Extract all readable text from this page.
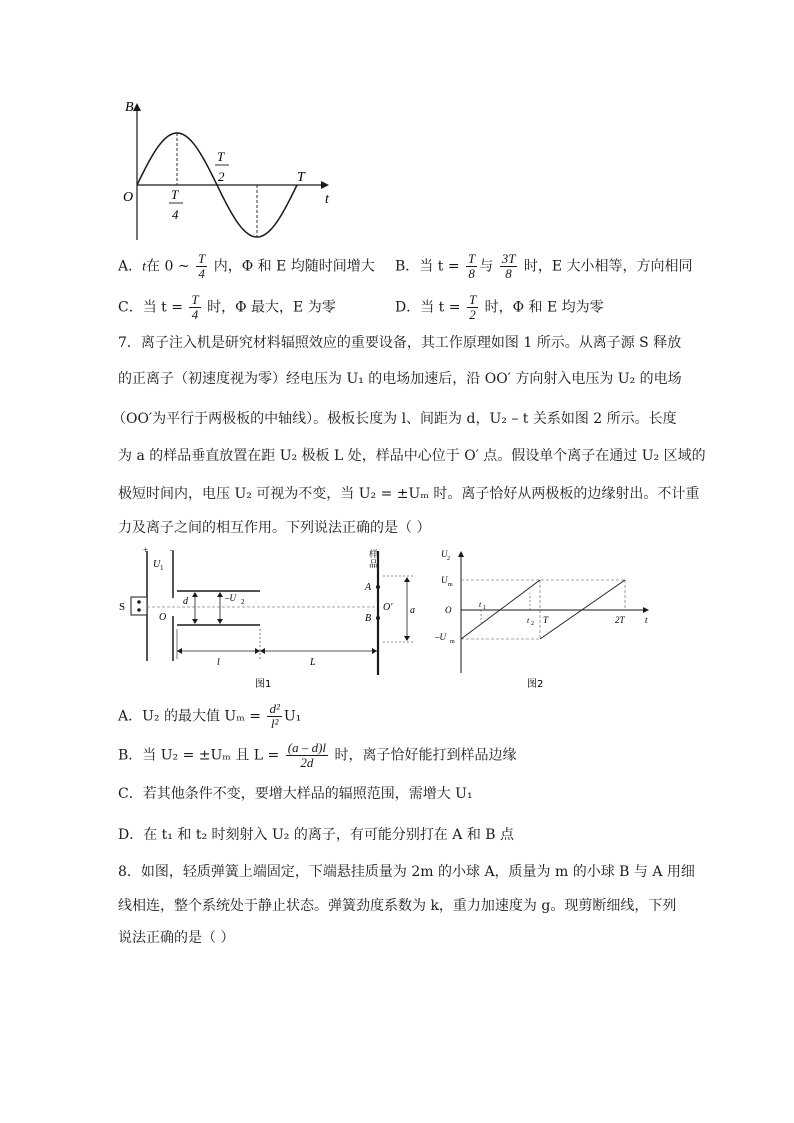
B
t
O
T
T
4
T
2
A．t在 0 ~ $\frac{T}{4}$ 内，Φ 和 E 均随时间增大 B．当 $t = \frac{T}{8}$ 与 $\frac{3T}{8}$ 时，E 大小相等，方向相同
C．当 $t = \frac{T}{4}$ 时，Φ 最大，E 为零	D．当 $t = \frac{T}{2}$ 时，Φ 和 E 均为零
7．离子注入机是研究材料辐照效应的重要设备，其工作原理如图 1 所示。从离子源 S 释放
的正离子（初速度视为零）经电压为 U₁ 的电场加速后，沿 OO′ 方向射入电压为 U₂ 的电场
（OO′为平行于两极板的中轴线）。极板长度为 l、间距为 d，U₂ – t 关系如图 2 所示。长度
为 a 的样品垂直放置在距 U₂ 极板 L 处，样品中心位于 O′ 点。假设单个离子在通过 U₂ 区域的
极短时间内，电压 U₂ 可视为不变，当 U₂ = ±Uₘ 时。离子恰好从两极板的边缘射出。不计重
力及离子之间的相互作用。下列说法正确的是（ ）
+ –
U 1
S	d	–U 2
O
样
品
A
B
O′ a
l	L
图1
U 2
U m
O
–U m
t 1
t 2 T	2T t
图2
A．U₂ 的最大值 $U_m = \frac{\text{d²}}{\text{l²}} U_1$
B．当 U₂ = ±Uₘ 且 $L = \frac{(a - d)l}{2d}$ 时，离子恰好能打到样品边缘
C．若其他条件不变，要增大样品的辐照范围，需增大 U₁
D．在 t₁ 和 t₂ 时刻射入 U₂ 的离子，有可能分别打在 A 和 B 点
8．如图，轻质弹簧上端固定，下端悬挂质量为 2m 的小球 A，质量为 m 的小球 B 与 A 用细
线相连，整个系统处于静止状态。弹簧劲度系数为 k，重力加速度为 g。现剪断细线，下列
说法正确的是（ ）
